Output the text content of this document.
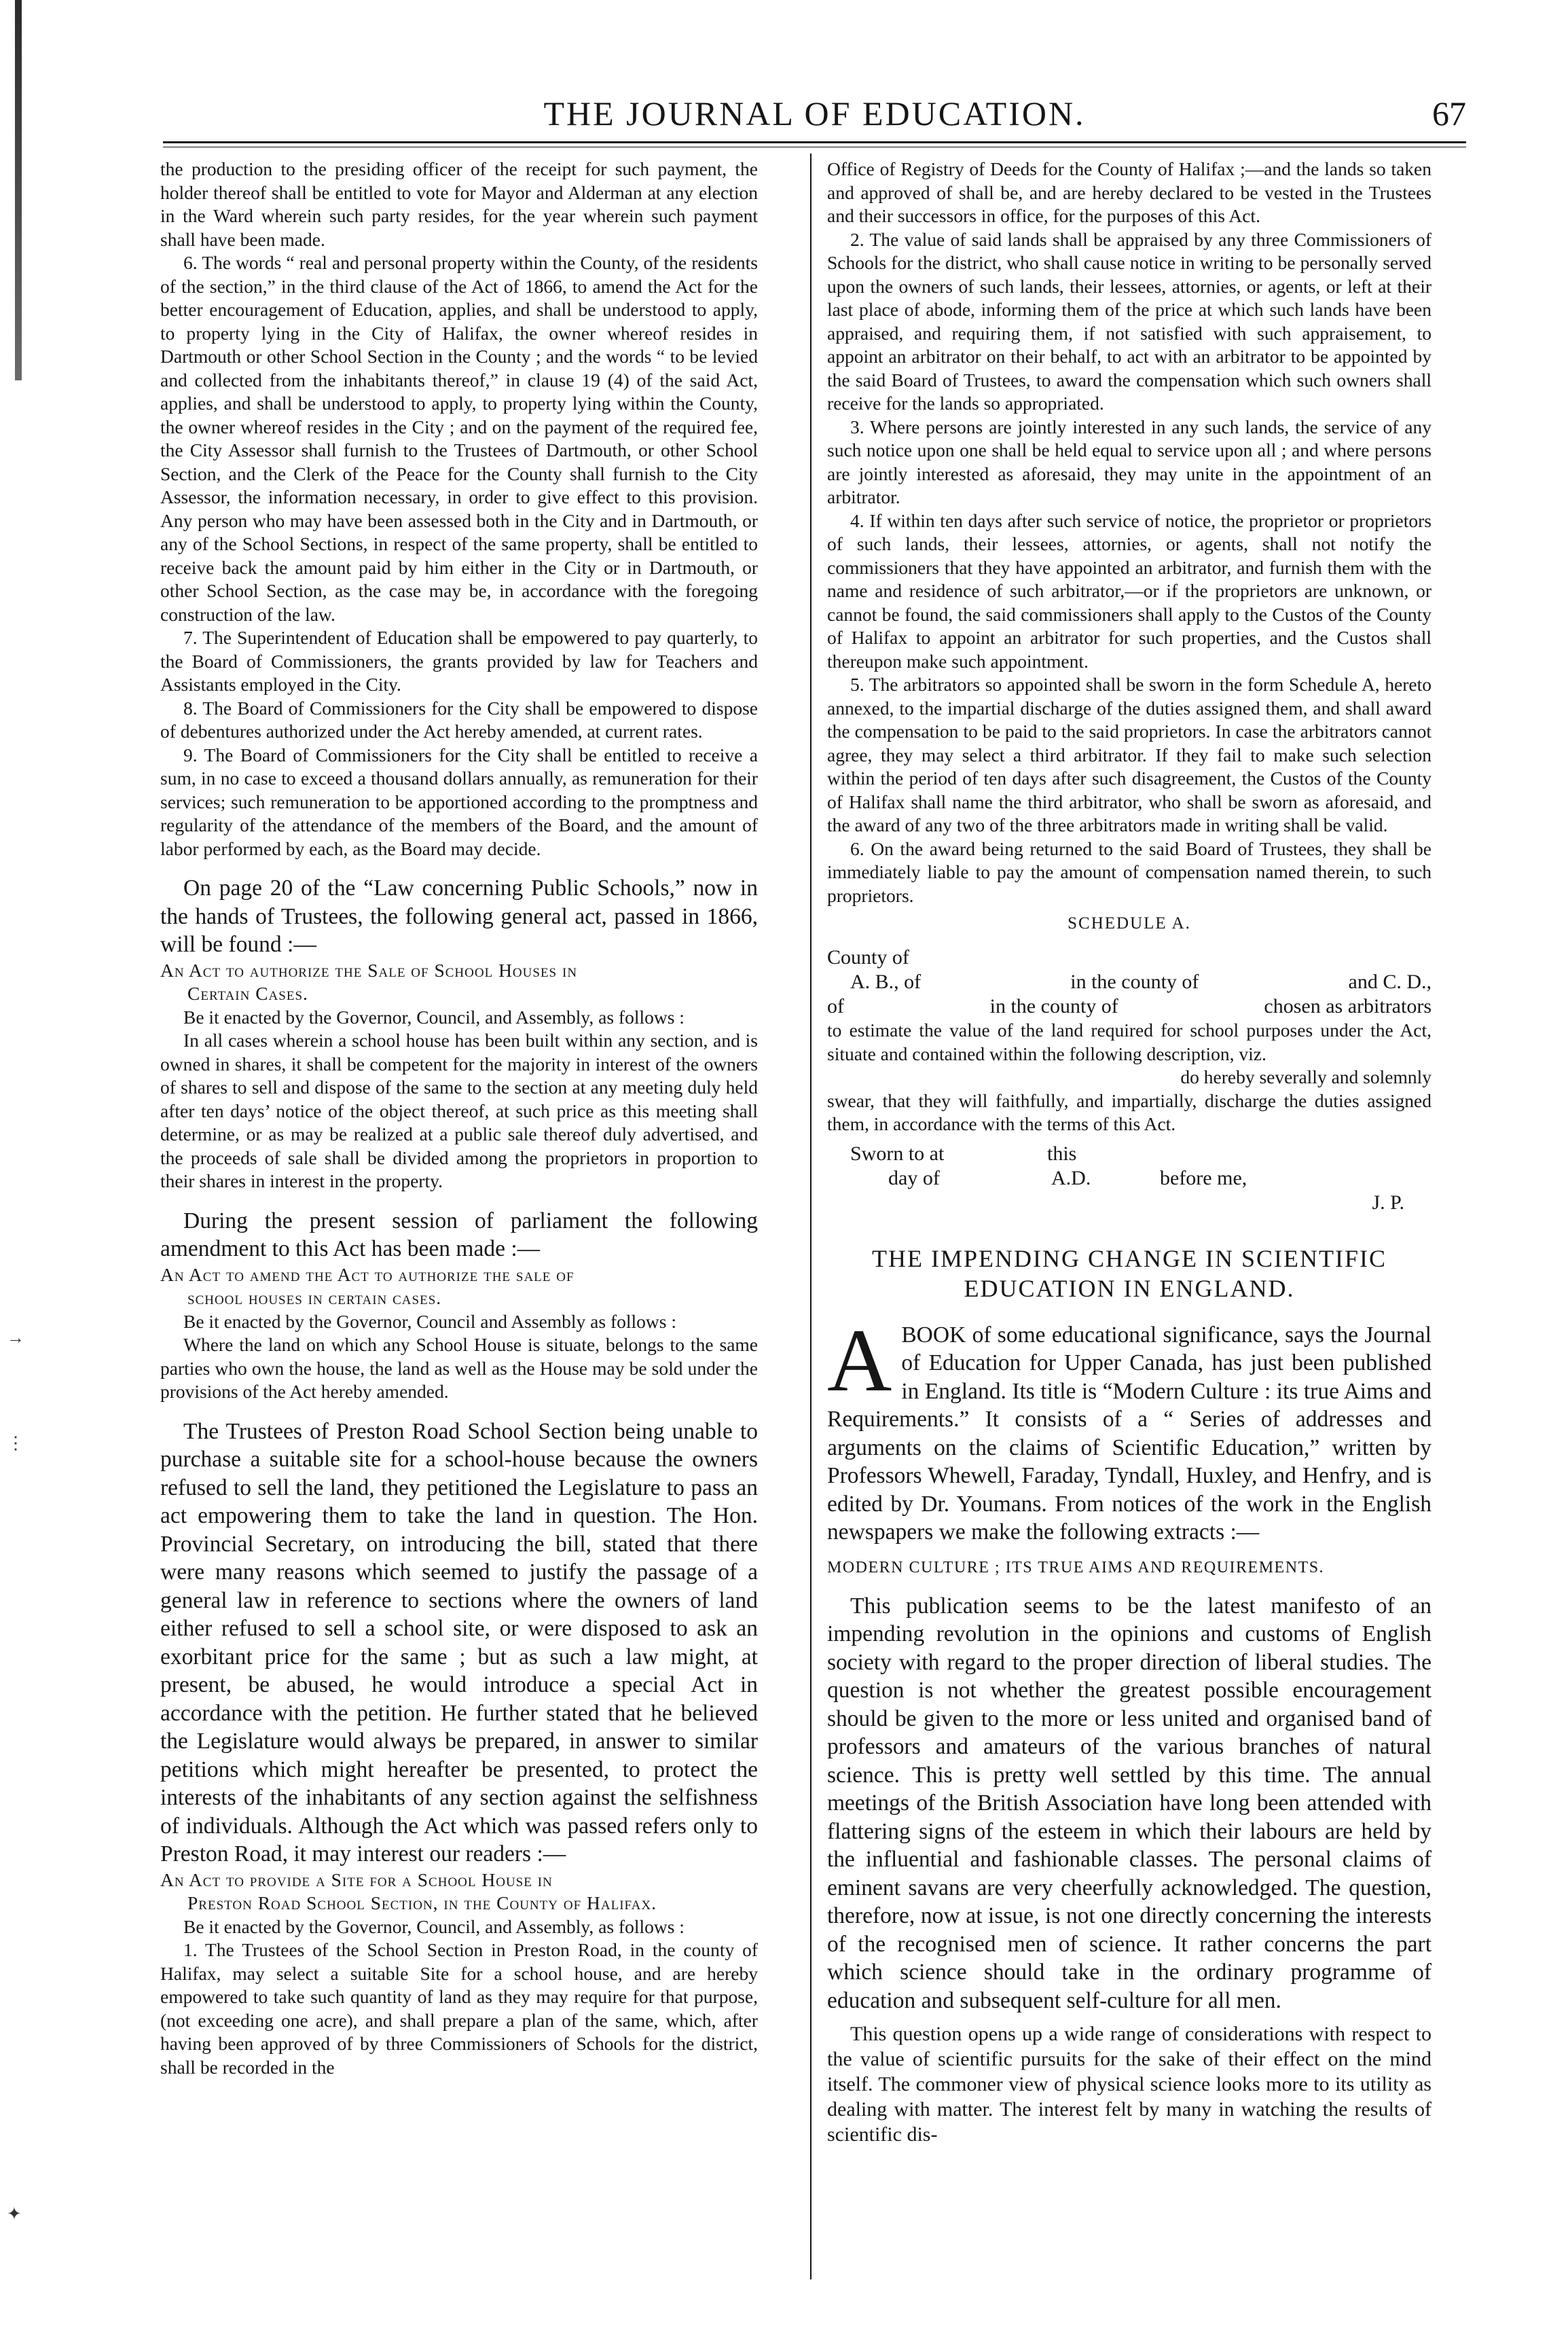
→
⋮
✦
THE JOURNAL OF EDUCATION.	67

the production to the presiding officer of the receipt for such payment, the holder thereof shall be entitled to vote for Mayor and Alderman at any election in the Ward wherein such party resides, for the year wherein such payment shall have been made.

6. The words “ real and personal property within the County, of the residents of the section,” in the third clause of the Act of 1866, to amend the Act for the better encouragement of Education, applies, and shall be understood to apply, to property lying in the City of Halifax, the owner whereof resides in Dartmouth or other School Section in the County ; and the words “ to be levied and collected from the inhabitants thereof,” in clause 19 (4) of the said Act, applies, and shall be understood to apply, to property lying within the County, the owner whereof resides in the City ; and on the payment of the required fee, the City Assessor shall furnish to the Trustees of Dartmouth, or other School Section, and the Clerk of the Peace for the County shall furnish to the City Assessor, the information necessary, in order to give effect to this provision. Any person who may have been assessed both in the City and in Dartmouth, or any of the School Sections, in respect of the same property, shall be entitled to receive back the amount paid by him either in the City or in Dartmouth, or other School Section, as the case may be, in accordance with the foregoing construction of the law.

7. The Superintendent of Education shall be empowered to pay quarterly, to the Board of Commissioners, the grants provided by law for Teachers and Assistants employed in the City.

8. The Board of Commissioners for the City shall be empowered to dispose of debentures authorized under the Act hereby amended, at current rates.

9. The Board of Commissioners for the City shall be entitled to receive a sum, in no case to exceed a thousand dollars annually, as remuneration for their services; such remuneration to be apportioned according to the promptness and regularity of the attendance of the members of the Board, and the amount of labor performed by each, as the Board may decide.

On page 20 of the “Law concerning Public Schools,” now in the hands of Trustees, the following general act, passed in 1866, will be found :—

An Act to authorize the Sale of School Houses in
Certain Cases.

Be it enacted by the Governor, Council, and Assembly, as follows :

In all cases wherein a school house has been built within any section, and is owned in shares, it shall be competent for the majority in interest of the owners of shares to sell and dispose of the same to the section at any meeting duly held after ten days’ notice of the object thereof, at such price as this meeting shall determine, or as may be realized at a public sale thereof duly advertised, and the proceeds of sale shall be divided among the proprietors in proportion to their shares in interest in the property.

During the present session of parliament the following amendment to this Act has been made :—

An Act to amend the Act to authorize the sale of
school houses in certain cases.

Be it enacted by the Governor, Council and Assembly as follows :

Where the land on which any School House is situate, belongs to the same parties who own the house, the land as well as the House may be sold under the provisions of the Act hereby amended.

The Trustees of Preston Road School Section being unable to purchase a suitable site for a school-house because the owners refused to sell the land, they petitioned the Legislature to pass an act empowering them to take the land in question. The Hon. Provincial Secretary, on introducing the bill, stated that there were many reasons which seemed to justify the passage of a general law in reference to sections where the owners of land either refused to sell a school site, or were disposed to ask an exorbitant price for the same ; but as such a law might, at present, be abused, he would introduce a special Act in accordance with the petition. He further stated that he believed the Legislature would always be prepared, in answer to similar petitions which might hereafter be presented, to protect the interests of the inhabitants of any section against the selfishness of individuals. Although the Act which was passed refers only to Preston Road, it may interest our readers :—

An Act to provide a Site for a School House in
Preston Road School Section, in the County of Halifax.

Be it enacted by the Governor, Council, and Assembly, as follows :

1. The Trustees of the School Section in Preston Road, in the county of Halifax, may select a suitable Site for a school house, and are hereby empowered to take such quantity of land as they may require for that purpose, (not exceeding one acre), and shall prepare a plan of the same, which, after having been approved of by three Commissioners of Schools for the district, shall be recorded in the

Office of Registry of Deeds for the County of Halifax ;—and the lands so taken and approved of shall be, and are hereby declared to be vested in the Trustees and their successors in office, for the purposes of this Act.

2. The value of said lands shall be appraised by any three Commissioners of Schools for the district, who shall cause notice in writing to be personally served upon the owners of such lands, their lessees, attornies, or agents, or left at their last place of abode, informing them of the price at which such lands have been appraised, and requiring them, if not satisfied with such appraisement, to appoint an arbitrator on their behalf, to act with an arbitrator to be appointed by the said Board of Trustees, to award the compensation which such owners shall receive for the lands so appropriated.

3. Where persons are jointly interested in any such lands, the service of any such notice upon one shall be held equal to service upon all ; and where persons are jointly interested as aforesaid, they may unite in the appointment of an arbitrator.

4. If within ten days after such service of notice, the proprietor or proprietors of such lands, their lessees, attornies, or agents, shall not notify the commissioners that they have appointed an arbitrator, and furnish them with the name and residence of such arbitrator,—or if the proprietors are unknown, or cannot be found, the said commissioners shall apply to the Custos of the County of Halifax to appoint an arbitrator for such properties, and the Custos shall thereupon make such appointment.

5. The arbitrators so appointed shall be sworn in the form Schedule A, hereto annexed, to the impartial discharge of the duties assigned them, and shall award the compensation to be paid to the said proprietors. In case the arbitrators cannot agree, they may select a third arbitrator. If they fail to make such selection within the period of ten days after such disagreement, the Custos of the County of Halifax shall name the third arbitrator, who shall be sworn as aforesaid, and the award of any two of the three arbitrators made in writing shall be valid.

6. On the award being returned to the said Board of Trustees, they shall be immediately liable to pay the amount of compensation named therein, to such proprietors.

SCHEDULE A.
County of
A. B., of	in the county of	and C. D.,
of	in the county of	chosen as arbitrators

to estimate the value of the land required for school purposes under the Act, situate and contained within the following description, viz.

do hereby severally and solemnly

swear, that they will faithfully, and impartially, discharge the duties assigned them, in accordance with the terms of this Act.

Sworn to at	this
day of	A.D.	before me,
J. P.
THE IMPENDING CHANGE IN SCIENTIFIC
EDUCATION IN ENGLAND.

A BOOK of some educational significance, says the Journal of Education for Upper Canada, has just been published in England. Its title is “Modern Culture : its true Aims and Requirements.” It consists of a “ Series of addresses and arguments on the claims of Scientific Education,” written by Professors Whewell, Faraday, Tyndall, Huxley, and Henfry, and is edited by Dr. Youmans. From notices of the work in the English newspapers we make the following extracts :—

MODERN CULTURE ; ITS TRUE AIMS AND REQUIREMENTS.

This publication seems to be the latest manifesto of an impending revolution in the opinions and customs of English society with regard to the proper direction of liberal studies. The question is not whether the greatest possible encouragement should be given to the more or less united and organised band of professors and amateurs of the various branches of natural science. This is pretty well settled by this time. The annual meetings of the British Association have long been attended with flattering signs of the esteem in which their labours are held by the influential and fashionable classes. The personal claims of eminent savans are very cheerfully acknowledged. The question, therefore, now at issue, is not one directly concerning the interests of the recognised men of science. It rather concerns the part which science should take in the ordinary programme of education and subsequent self-culture for all men.

This question opens up a wide range of considerations with respect to the value of scientific pursuits for the sake of their effect on the mind itself. The commoner view of physical science looks more to its utility as dealing with matter. The interest felt by many in watching the results of scientific dis-
